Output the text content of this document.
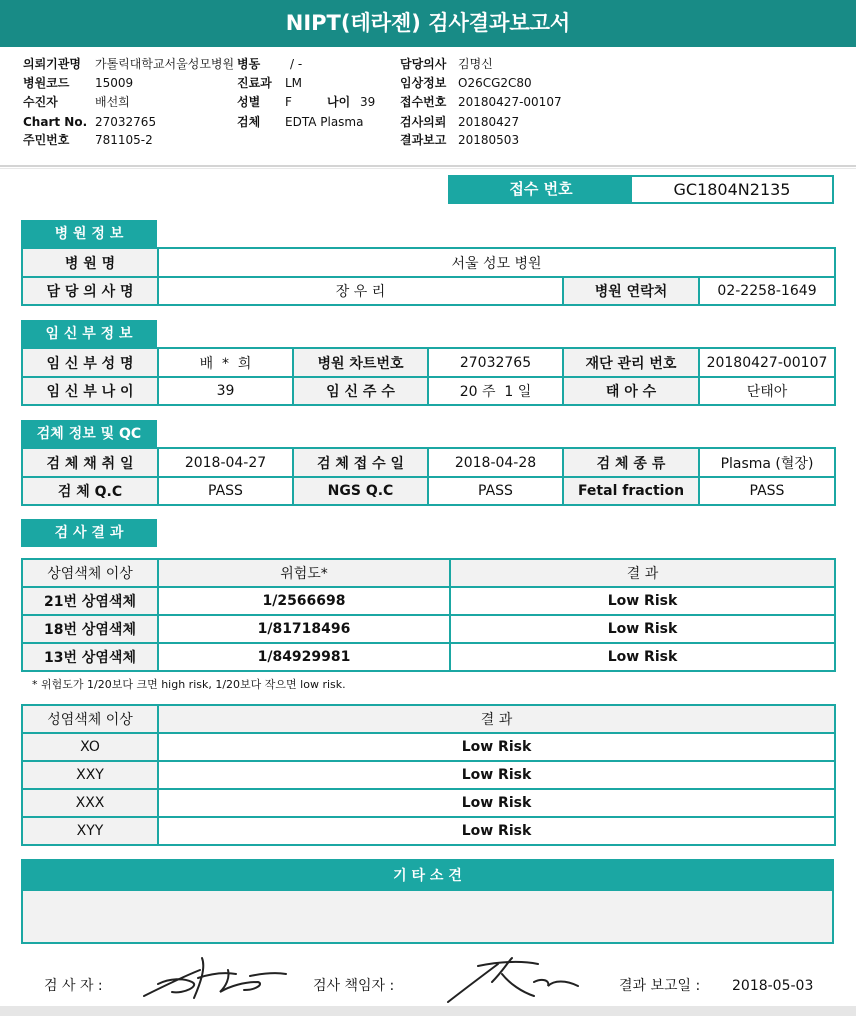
NIPT(테라젠) 검사결과보고서
의뢰기관명 가톨릭대학교서울성모병원 병동 / -	담당의사 김명신
병원코드 15009	진료과 LM	임상정보 O26CG2C80
수진자	배선희	성별 F	나이 39 접수번호 20180427-00107
Chart No. 27032765	검체 EDTA Plasma	검사의뢰 20180427
주민번호 781105-2	결과보고 20180503
접수 번호	GC1804N2135
병 원 정 보
병 원 명	서울 성모 병원		
담 당 의 사 명	장 우 리	병원 연락처	02-2258-1649
임 신 부 정 보
임 신 부 성 명	배  *  희	병원 차트번호	27032765	재단 관리 번호	20180427-00107
임 신 부 나 이	39	임 신 주 수	20 주  1 일	태 아 수	단태아
검체 정보 및 QC
검 체 채 취 일	2018-04-27	검 체 접 수 일	2018-04-28	검 체 종 류	Plasma (혈장)
검 체 Q.C	PASS	NGS Q.C	PASS	Fetal fraction	PASS
검 사 결 과
상염색체 이상	위험도*	결 과
21번 상염색체	1/2566698	Low Risk
18번 상염색체	1/81718496	Low Risk
13번 상염색체	1/84929981	Low Risk
* 위험도가 1/20보다 크면 high risk, 1/20보다 작으면 low risk.
성염색체 이상	결 과
XO	Low Risk
XXY	Low Risk
XXX	Low Risk
XYY	Low Risk
기 타 소 견
검 사 자 :	검사 책임자 :	결과 보고일 : 2018-05-03
